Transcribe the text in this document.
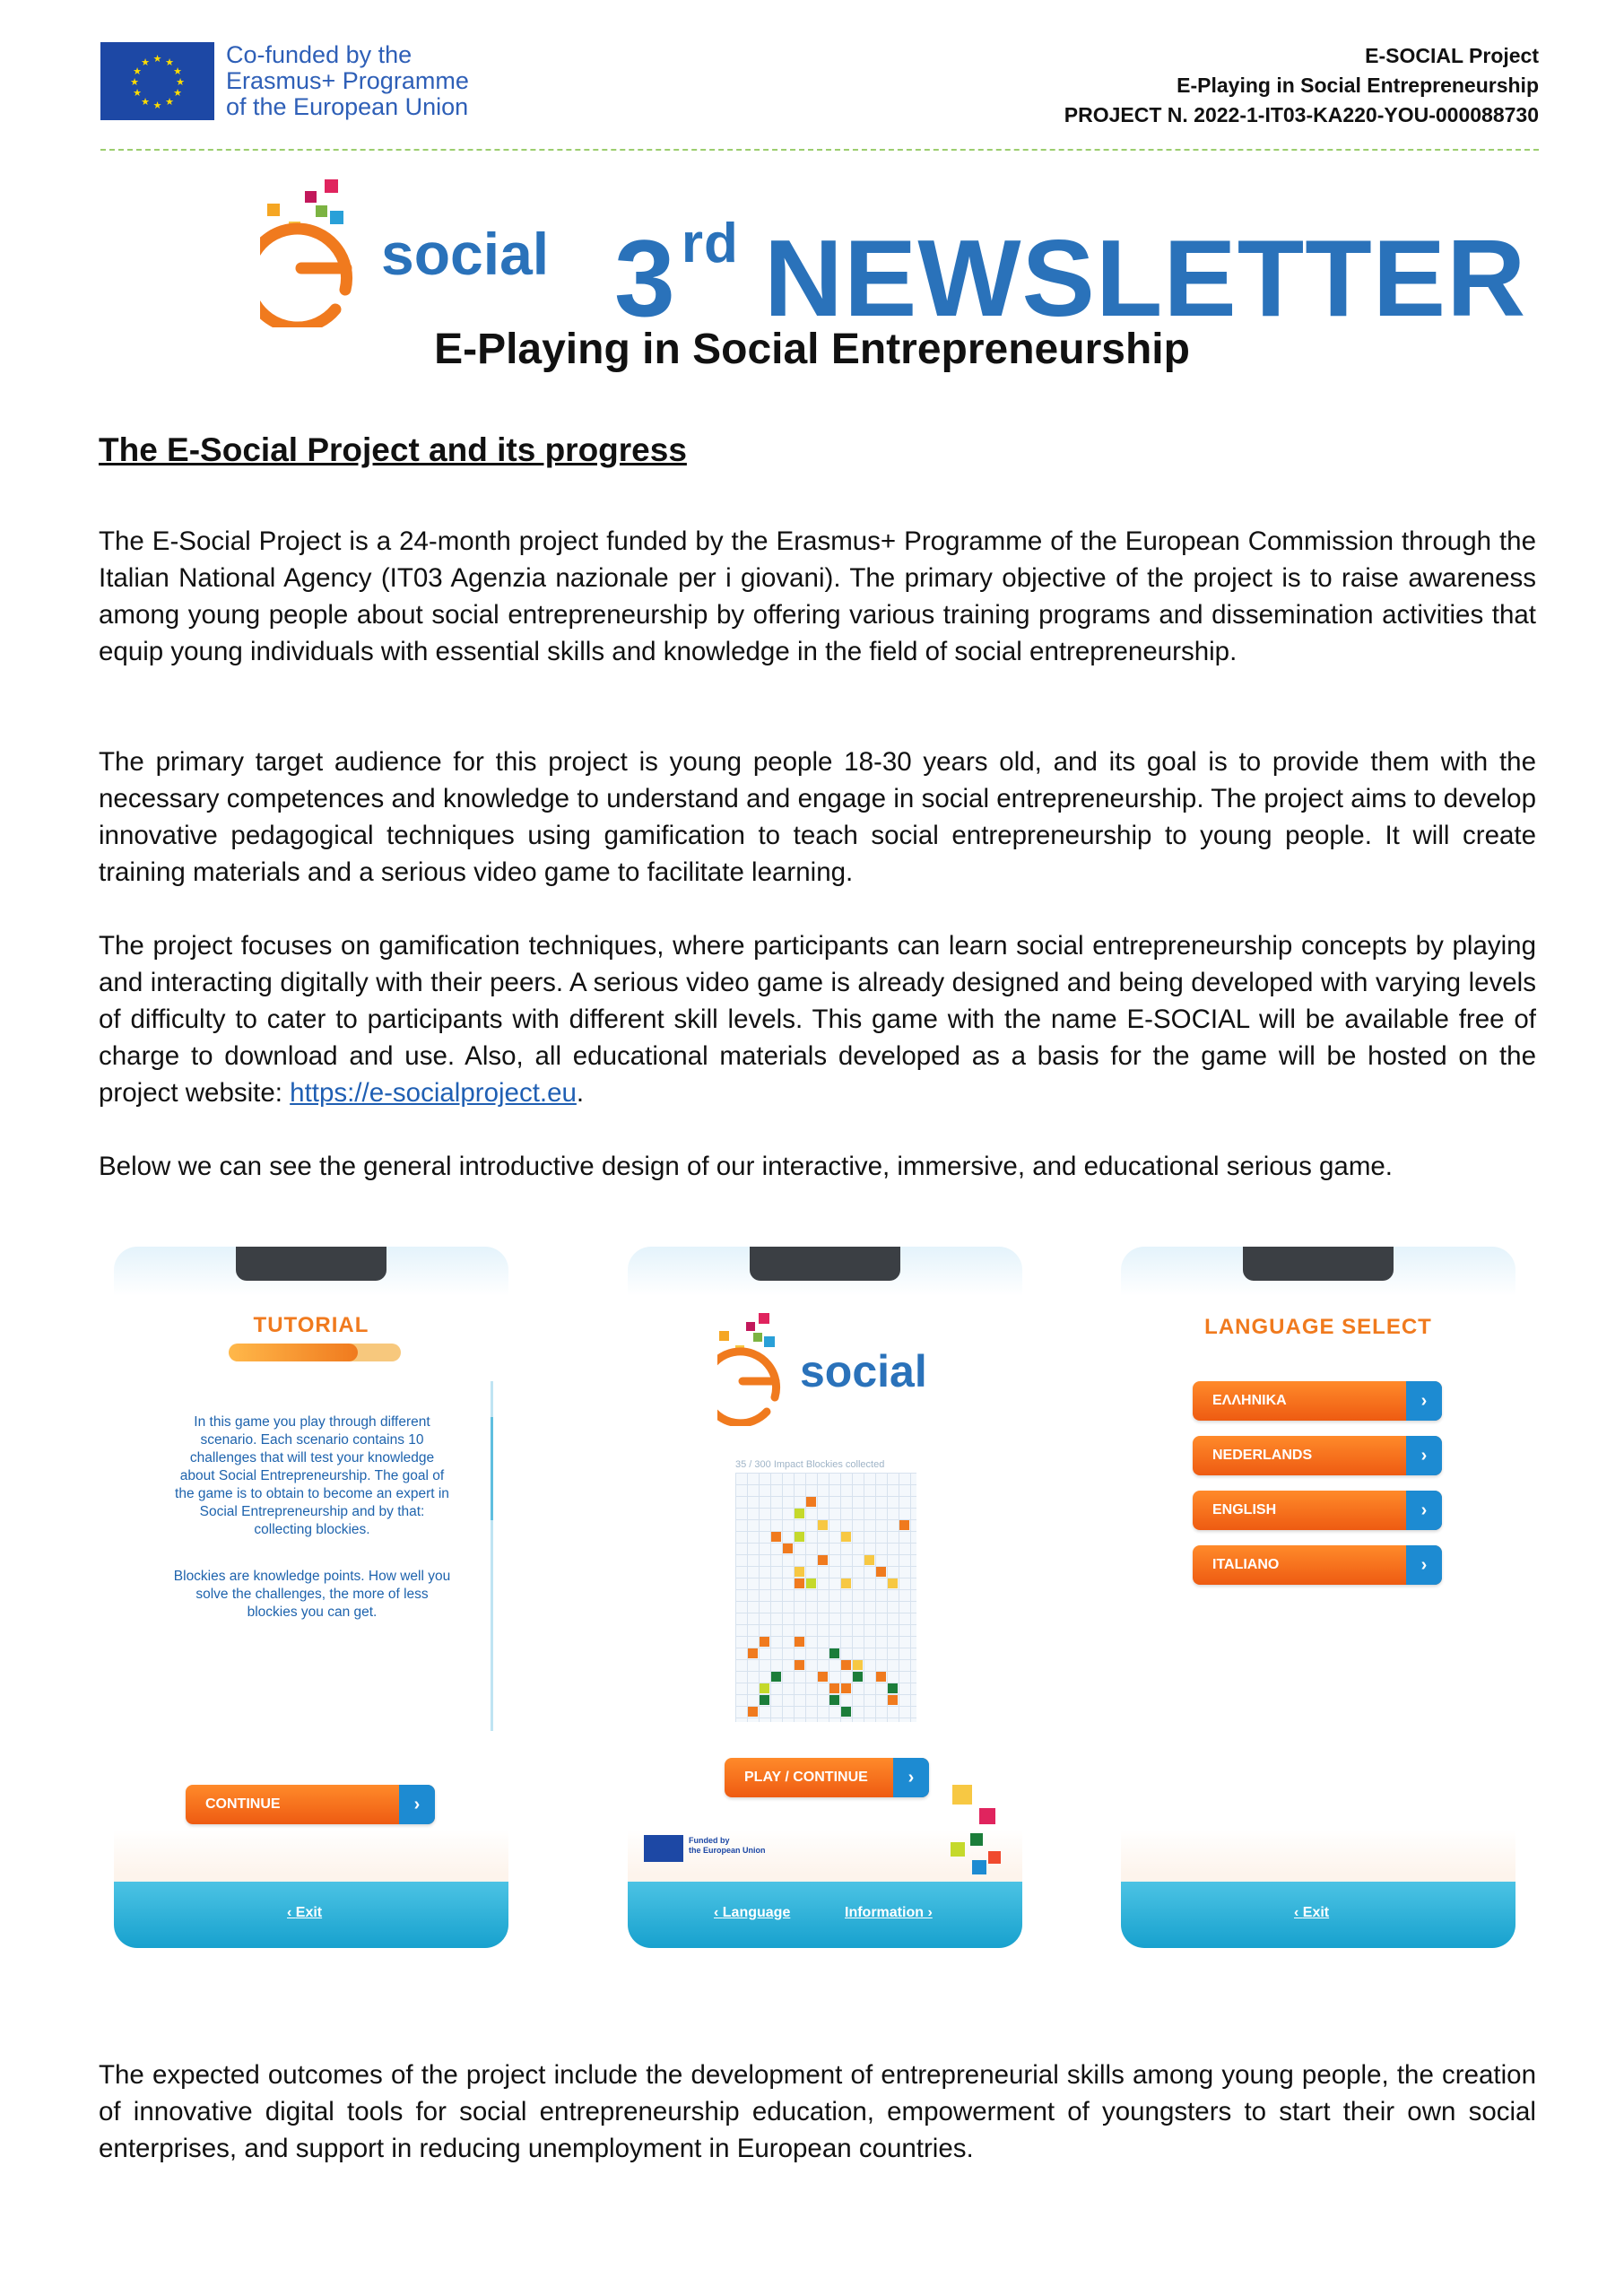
★ ★
★
★
★
★
★
★
★
★
★
★	Co-funded by the
Erasmus+ Programme
of the European Union
E-SOCIAL Project
E-Playing in Social Entrepreneurship
PROJECT N. 2022-1-IT03-KA220-YOU-000088730
social 3rd NEWSLETTER
E-Playing in Social Entrepreneurship
The E-Social Project and its progress
The E-Social Project is a 24-month project funded by the Erasmus+ Programme of the European Commission through the Italian National Agency (IT03 Agenzia nazionale per i giovani). The primary objective of the project is to raise awareness among young people about social entrepreneurship by offering various training programs and dissemination activities that equip young individuals with essential skills and knowledge in the field of social entrepreneurship.
The primary target audience for this project is young people 18-30 years old, and its goal is to provide them with the necessary competences and knowledge to understand and engage in social entrepreneurship. The project aims to develop innovative pedagogical techniques using gamification to teach social entrepreneurship to young people. It will create training materials and a serious video game to facilitate learning.
The project focuses on gamification techniques, where participants can learn social entrepreneurship concepts by playing and interacting digitally with their peers. A serious video game is already designed and being developed with varying levels of difficulty to cater to participants with different skill levels. This game with the name E-SOCIAL will be available free of charge to download and use. Also, all educational materials developed as a basis for the game will be hosted on the project website: https://e-socialproject.eu.
Below we can see the general introductive design of our interactive, immersive, and educational serious game.
TUTORIAL
In this game you play through different scenario. Each scenario contains 10 challenges that will test your knowledge about Social Entrepreneurship. The goal of the game is to obtain to become an expert in Social Entrepreneurship and by that: collecting blockies.
Blockies are knowledge points. How well you solve the challenges, the more of less blockies you can get.
CONTINUE	›
‹ Exit
social
35 / 300 Impact Blockies collected
PLAY / CONTINUE	›
Funded by
the European Union
‹ Language	Information ›
LANGUAGE SELECT
ΕΛΛΗΝΙΚΑ	›
NEDERLANDS	›
ENGLISH	›
ITALIANO	›
‹ Exit
The expected outcomes of the project include the development of entrepreneurial skills among young people, the creation of innovative digital tools for social entrepreneurship education, empowerment of youngsters to start their own social enterprises, and support in reducing unemployment in European countries.
